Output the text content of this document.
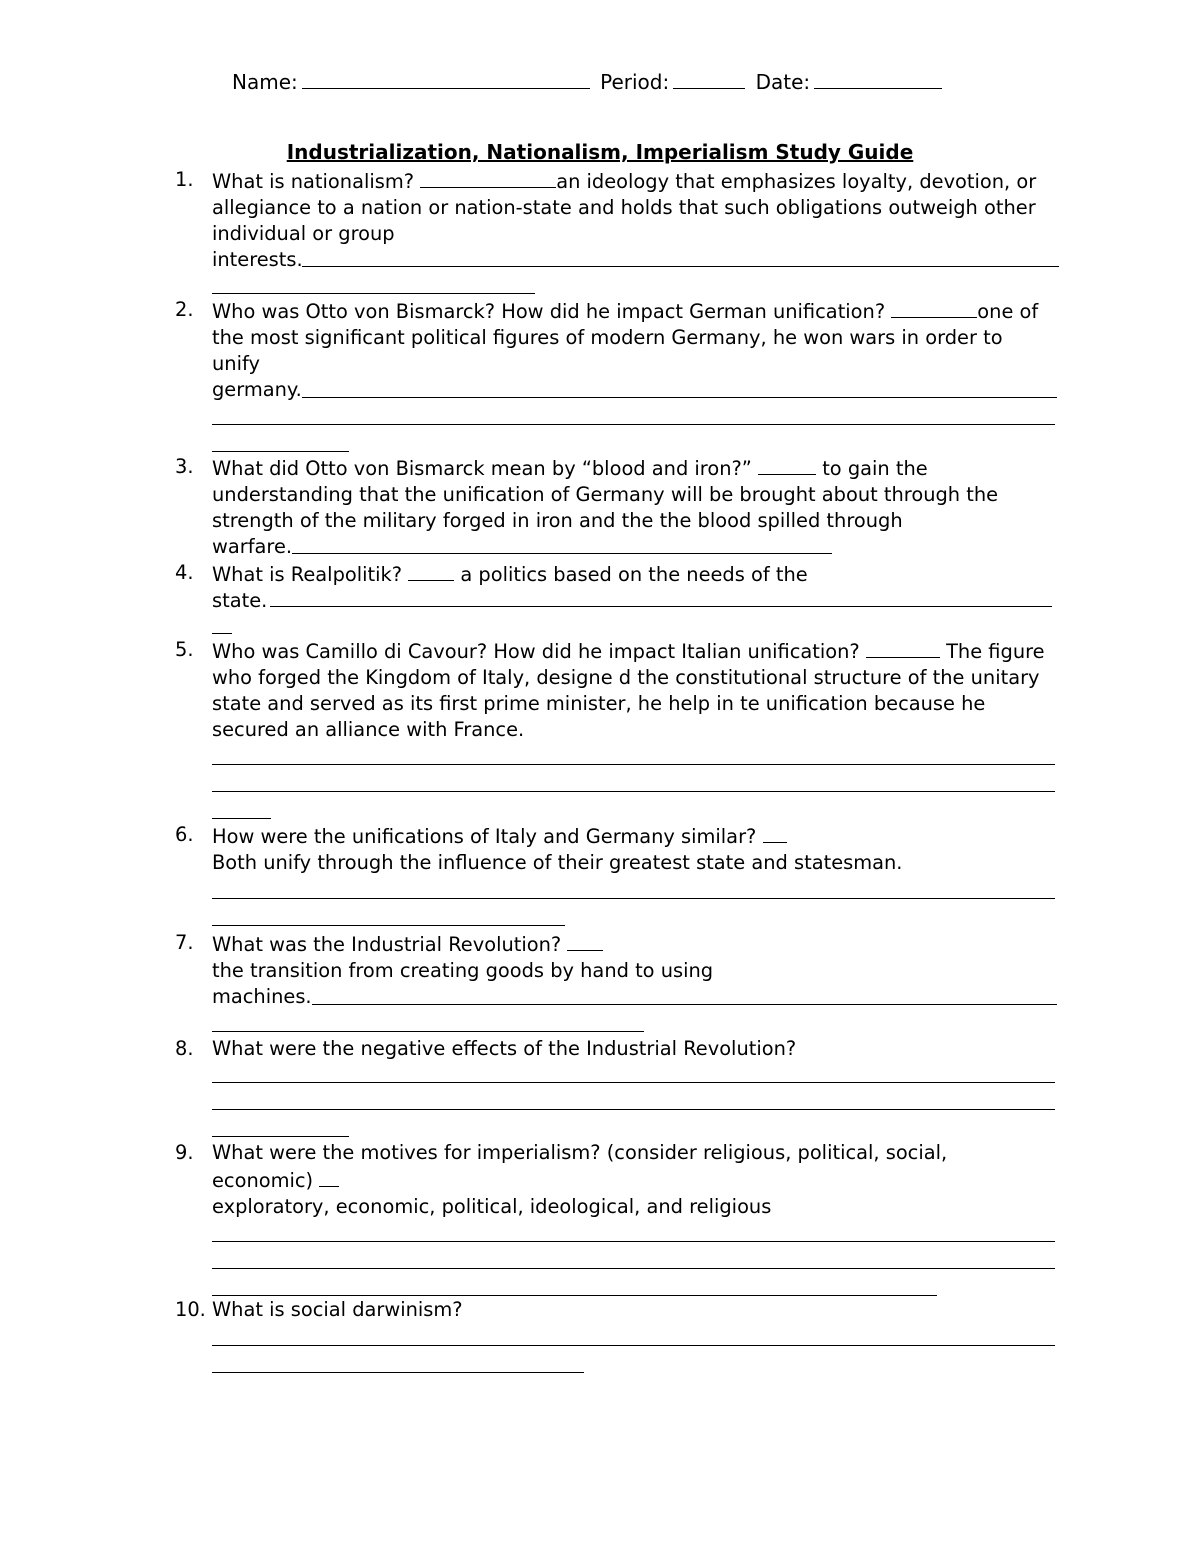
Name:	Period:	Date:
Industrialization, Nationalism, Imperialism Study Guide
1. What is nationalism?	an ideology that emphasizes loyalty, devotion, or
allegiance to a nation or nation-state and holds that such obligations outweigh other
individual or group
interests.
2. Who was Otto von Bismarck? How did he impact German unification?	one of
the most significant political figures of modern Germany, he won wars in order to
unify
germany.
3. What did Otto von Bismarck mean by “blood and iron?”	to gain the
understanding that the unification of Germany will be brought about through the
strength of the military forged in iron and the the blood spilled through
warfare.
4. What is Realpolitik?	a politics based on the needs of the
state.
5. Who was Camillo di Cavour? How did he impact Italian unification?	The figure
who forged the Kingdom of Italy, designe d the constitutional structure of the unitary
state and served as its first prime minister, he help in te unification because he
secured an alliance with France.
6. How were the unifications of Italy and Germany similar?
Both unify through the influence of their greatest state and statesman.
7. What was the Industrial Revolution?
the transition from creating goods by hand to using
machines.
8. What were the negative effects of the Industrial Revolution?
9. What were the motives for imperialism? (consider religious, political, social,
economic)
exploratory, economic, political, ideological, and religious
10. What is social darwinism?
